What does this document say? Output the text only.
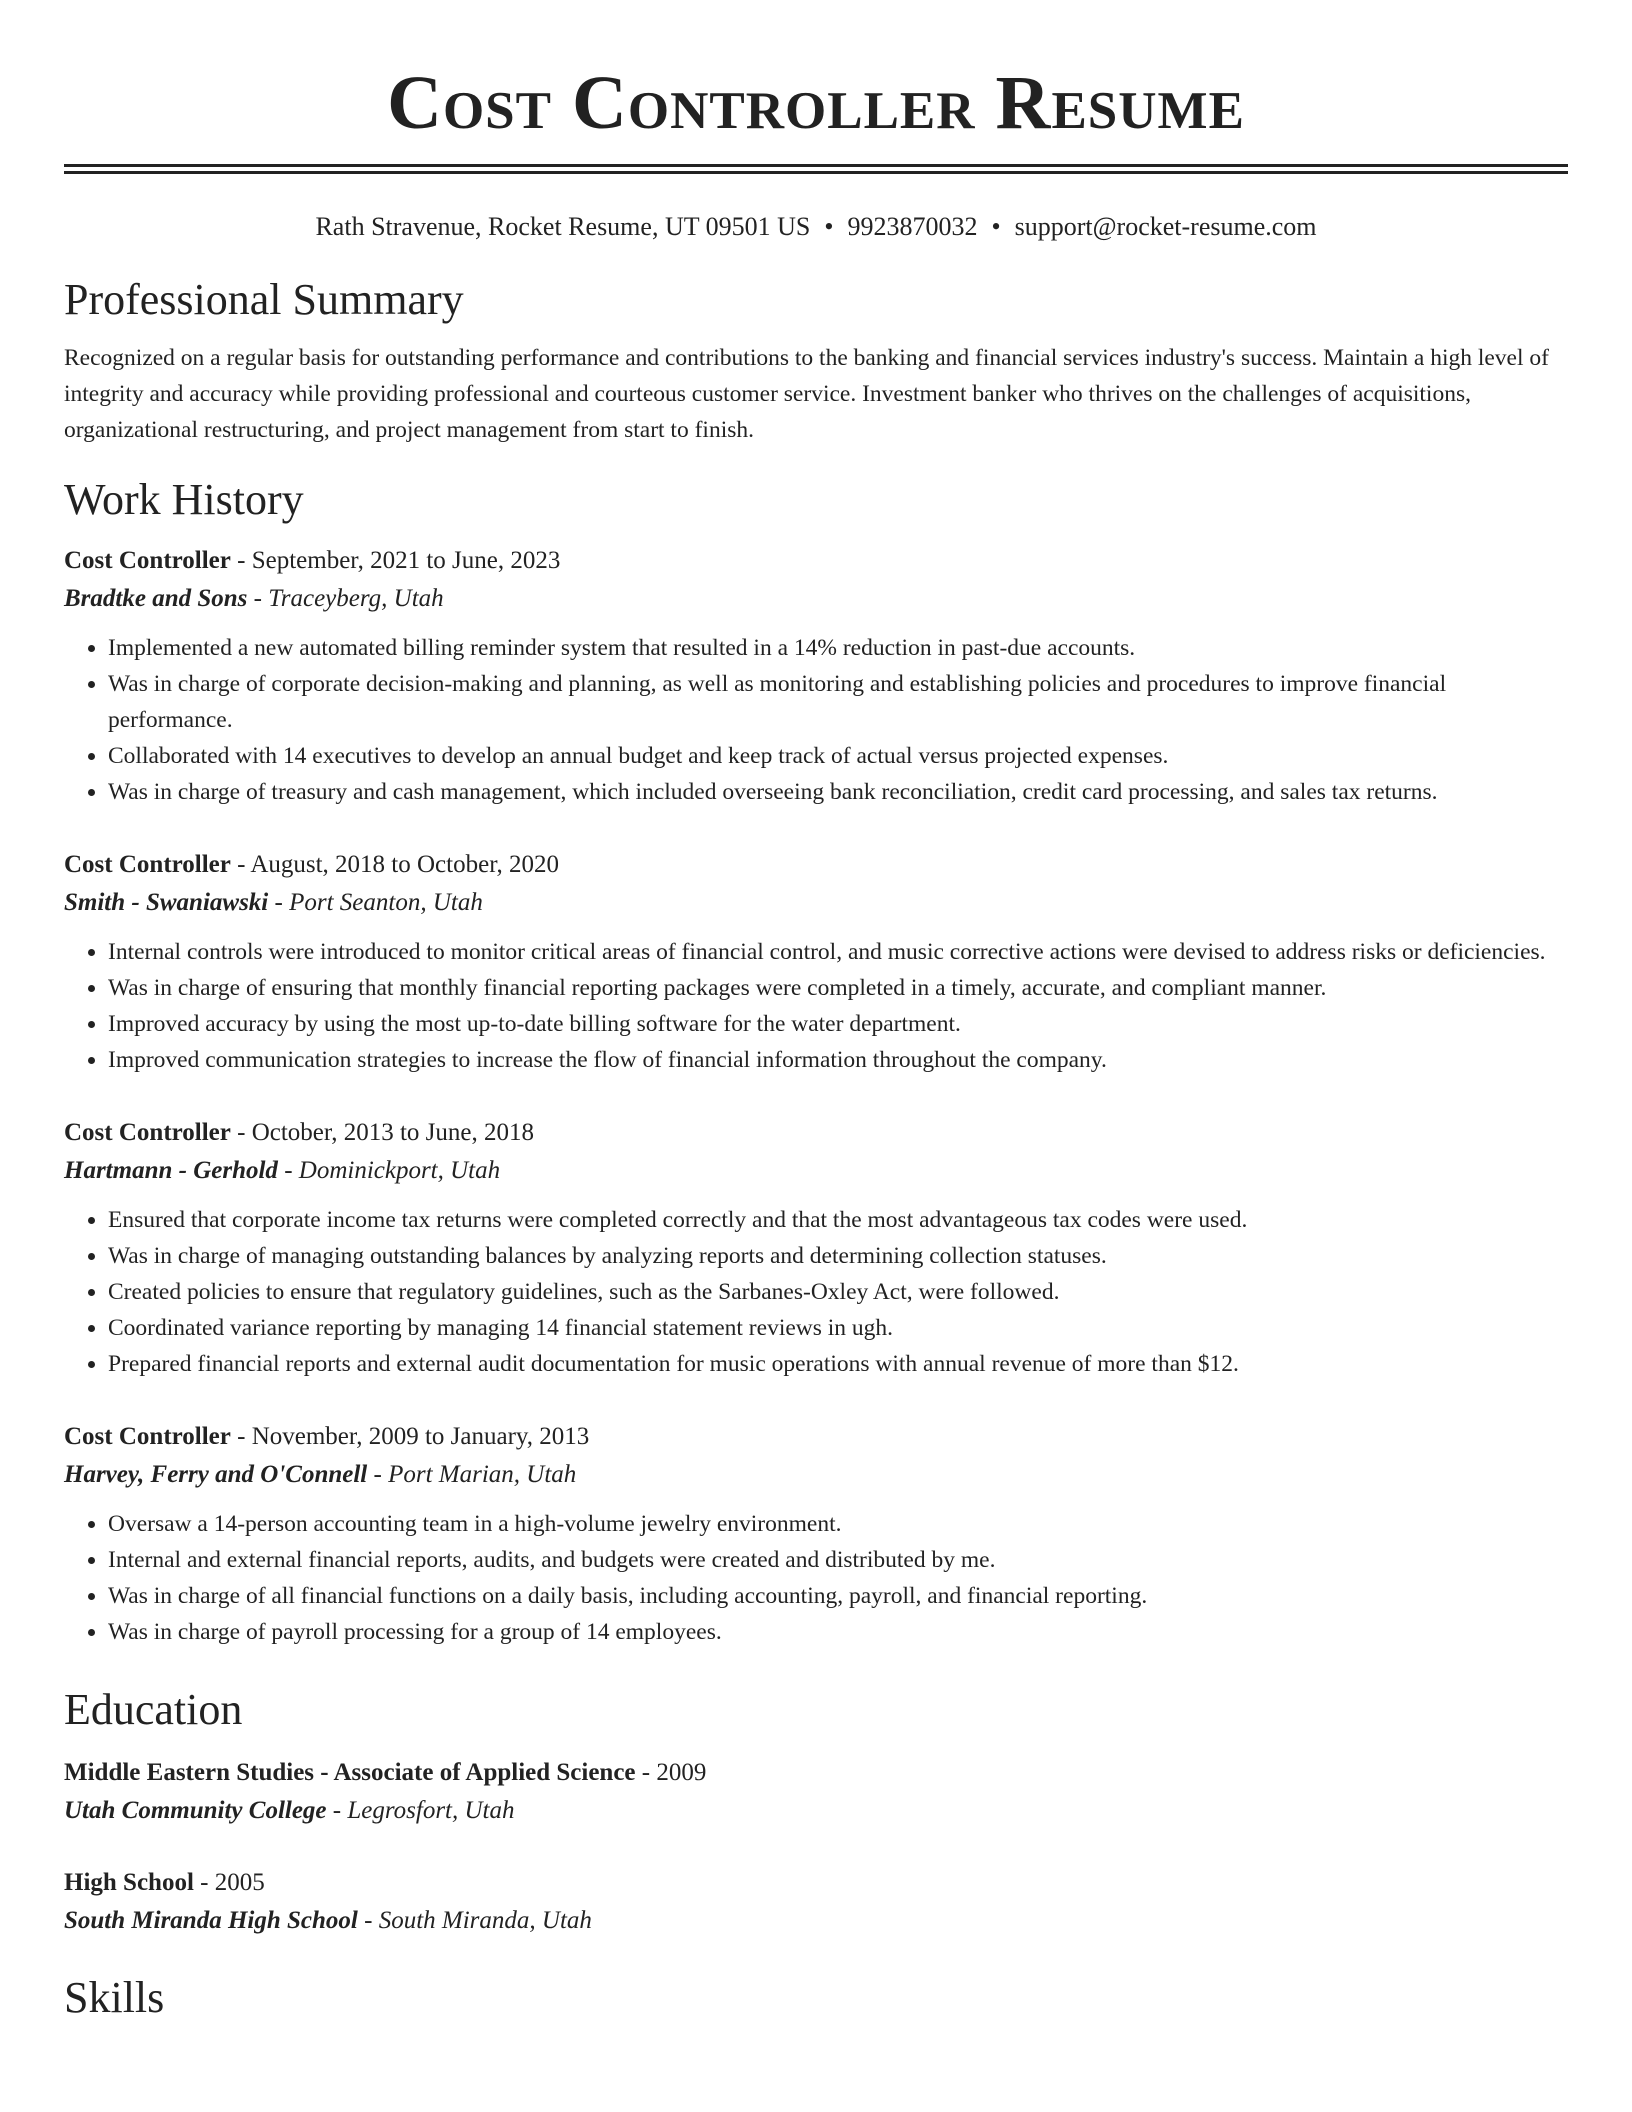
Cost Controller Resume
Rath Stravenue, Rocket Resume, UT 09501 US • 9923870032 • support@rocket-resume.com
Professional Summary

Recognized on a regular basis for outstanding performance and contributions to the banking and financial services industry's success. Maintain a high level of integrity and accuracy while providing professional and courteous customer service. Investment banker who thrives on the challenges of acquisitions, organizational restructuring, and project management from start to finish.

Work History
Cost Controller - September, 2021 to June, 2023
Bradtke and Sons - Traceyberg, Utah
• Implemented a new automated billing reminder system that resulted in a 14% reduction in past-due accounts.
• Was in charge of corporate decision-making and planning, as well as monitoring and establishing policies and procedures to improve financial performance.
• Collaborated with 14 executives to develop an annual budget and keep track of actual versus projected expenses.
• Was in charge of treasury and cash management, which included overseeing bank reconciliation, credit card processing, and sales tax returns.
Cost Controller - August, 2018 to October, 2020
Smith - Swaniawski - Port Seanton, Utah
• Internal controls were introduced to monitor critical areas of financial control, and music corrective actions were devised to address risks or deficiencies.
• Was in charge of ensuring that monthly financial reporting packages were completed in a timely, accurate, and compliant manner.
• Improved accuracy by using the most up-to-date billing software for the water department.
• Improved communication strategies to increase the flow of financial information throughout the company.
Cost Controller - October, 2013 to June, 2018
Hartmann - Gerhold - Dominickport, Utah
• Ensured that corporate income tax returns were completed correctly and that the most advantageous tax codes were used.
• Was in charge of managing outstanding balances by analyzing reports and determining collection statuses.
• Created policies to ensure that regulatory guidelines, such as the Sarbanes-Oxley Act, were followed.
• Coordinated variance reporting by managing 14 financial statement reviews in ugh.
• Prepared financial reports and external audit documentation for music operations with annual revenue of more than $12.
Cost Controller - November, 2009 to January, 2013
Harvey, Ferry and O'Connell - Port Marian, Utah
• Oversaw a 14-person accounting team in a high-volume jewelry environment.
• Internal and external financial reports, audits, and budgets were created and distributed by me.
• Was in charge of all financial functions on a daily basis, including accounting, payroll, and financial reporting.
• Was in charge of payroll processing for a group of 14 employees.
Education
Middle Eastern Studies - Associate of Applied Science - 2009
Utah Community College - Legrosfort, Utah
High School - 2005
South Miranda High School - South Miranda, Utah
Skills
